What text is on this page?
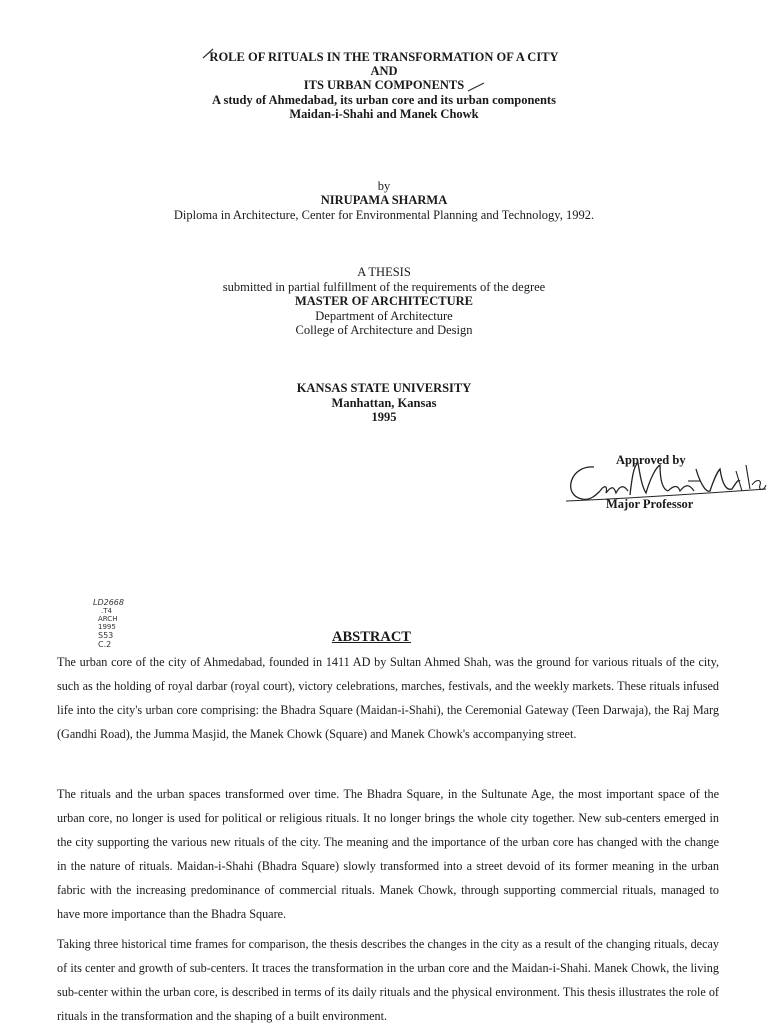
ROLE OF RITUALS IN THE TRANSFORMATION OF A CITY
AND
ITS URBAN COMPONENTS
A study of Ahmedabad, its urban core and its urban components
Maidan-i-Shahi and Manek Chowk
by
NIRUPAMA SHARMA
Diploma in Architecture, Center for Environmental Planning and Technology, 1992.
A THESIS
submitted in partial fulfillment of the requirements of the degree
MASTER OF ARCHITECTURE
Department of Architecture
College of Architecture and Design
KANSAS STATE UNIVERSITY
Manhattan, Kansas
1995
Approved by
Major Professor
LD2668
.T4
ARCH
1995
S53
C.2	ABSTRACT
The urban core of the city of Ahmedabad, founded in 1411 AD by Sultan Ahmed Shah, was the ground for various rituals of the city, such as the holding of royal darbar (royal court), victory celebrations, marches, festivals, and the weekly markets. These rituals infused life into the city's urban core comprising: the Bhadra Square (Maidan-i-Shahi), the Ceremonial Gateway (Teen Darwaja), the Raj Marg (Gandhi Road), the Jumma Masjid, the Manek Chowk (Square) and Manek Chowk's accompanying street.
The rituals and the urban spaces transformed over time. The Bhadra Square, in the Sultunate Age, the most important space of the urban core, no longer is used for political or religious rituals. It no longer brings the whole city together. New sub-centers emerged in the city supporting the various new rituals of the city. The meaning and the importance of the urban core has changed with the change in the nature of rituals. Maidan-i-Shahi (Bhadra Square) slowly transformed into a street devoid of its former meaning in the urban fabric with the increasing predominance of commercial rituals. Manek Chowk, through supporting commercial rituals, managed to have more importance than the Bhadra Square.
Taking three historical time frames for comparison, the thesis describes the changes in the city as a result of the changing rituals, decay of its center and growth of sub-centers. It traces the transformation in the urban core and the Maidan-i-Shahi. Manek Chowk, the living sub-center within the urban core, is described in terms of its daily rituals and the physical environment. This thesis illustrates the role of rituals in the transformation and the shaping of a built environment.
